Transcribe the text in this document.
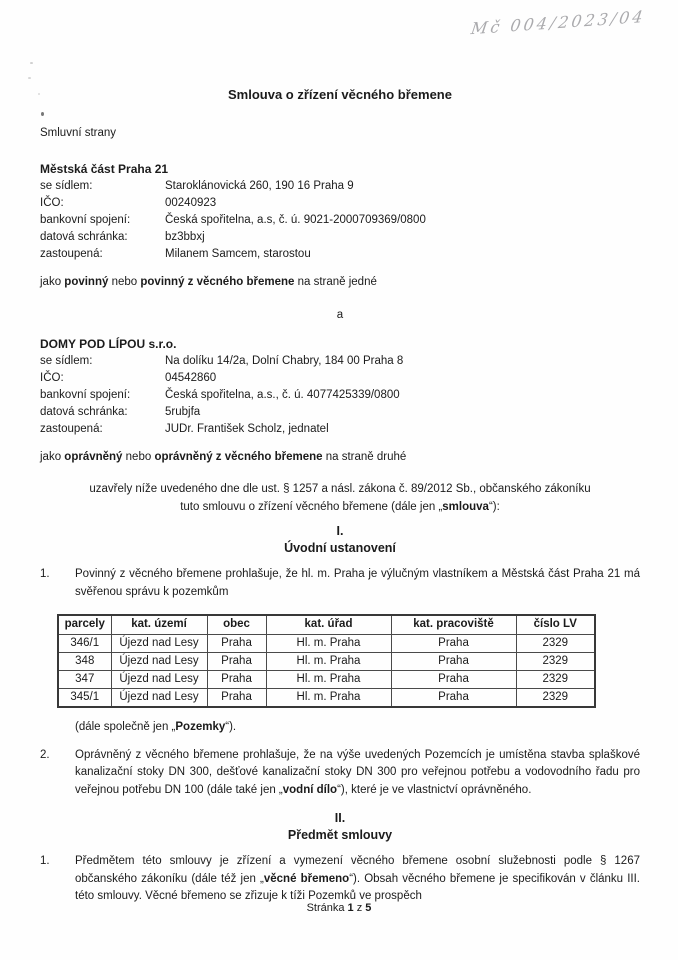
Mč 004/2023/04
Smlouva o zřízení věcného břemene
Smluvní strany
Městská část Praha 21
se sídlem:	Staroklánovická 260, 190 16 Praha 9
IČO:	00240923
bankovní spojení:	Česká spořitelna, a.s, č. ú. 9021-2000709369/0800
datová schránka:	bz3bbxj
zastoupená:	Milanem Samcem, starostou
jako povinný nebo povinný z věcného břemene na straně jedné
a
DOMY POD LÍPOU s.r.o.
se sídlem:	Na dolíku 14/2a, Dolní Chabry, 184 00 Praha 8
IČO:	04542860
bankovní spojení:	Česká spořitelna, a.s., č. ú. 4077425339/0800
datová schránka:	5rubjfa
zastoupená:	JUDr. František Scholz, jednatel
jako oprávněný nebo oprávněný z věcného břemene na straně druhé
uzavřely níže uvedeného dne dle ust. § 1257 a násl. zákona č. 89/2012 Sb., občanského zákoníku
tuto smlouvu o zřízení věcného břemene (dále jen „smlouva“):
I.
Úvodní ustanovení
1.	Povinný z věcného břemene prohlašuje, že hl. m. Praha je výlučným vlastníkem a Městská část Praha 21 má svěřenou správu k pozemkům
parcely	kat. území	obec	kat. úřad	kat. pracoviště	číslo LV
346/1	Újezd nad Lesy	Praha	Hl. m. Praha	Praha	2329
348	Újezd nad Lesy	Praha	Hl. m. Praha	Praha	2329
347	Újezd nad Lesy	Praha	Hl. m. Praha	Praha	2329
345/1	Újezd nad Lesy	Praha	Hl. m. Praha	Praha	2329
(dále společně jen „Pozemky“).
2.	Oprávněný z věcného břemene prohlašuje, že na výše uvedených Pozemcích je umístěna stavba splaškové kanalizační stoky DN 300, dešťové kanalizační stoky DN 300 pro veřejnou potřebu a vodovodního řadu pro veřejnou potřebu DN 100 (dále také jen „vodní dílo“), které je ve vlastnictví oprávněného.
II.
Předmět smlouvy
1.	Předmětem této smlouvy je zřízení a vymezení věcného břemene osobní služebnosti podle § 1267 občanského zákoníku (dále též jen „věcné břemeno“). Obsah věcného břemene je specifikován v článku III. této smlouvy. Věcné břemeno se zřizuje k tíži Pozemků ve prospěch
Stránka 1 z 5
